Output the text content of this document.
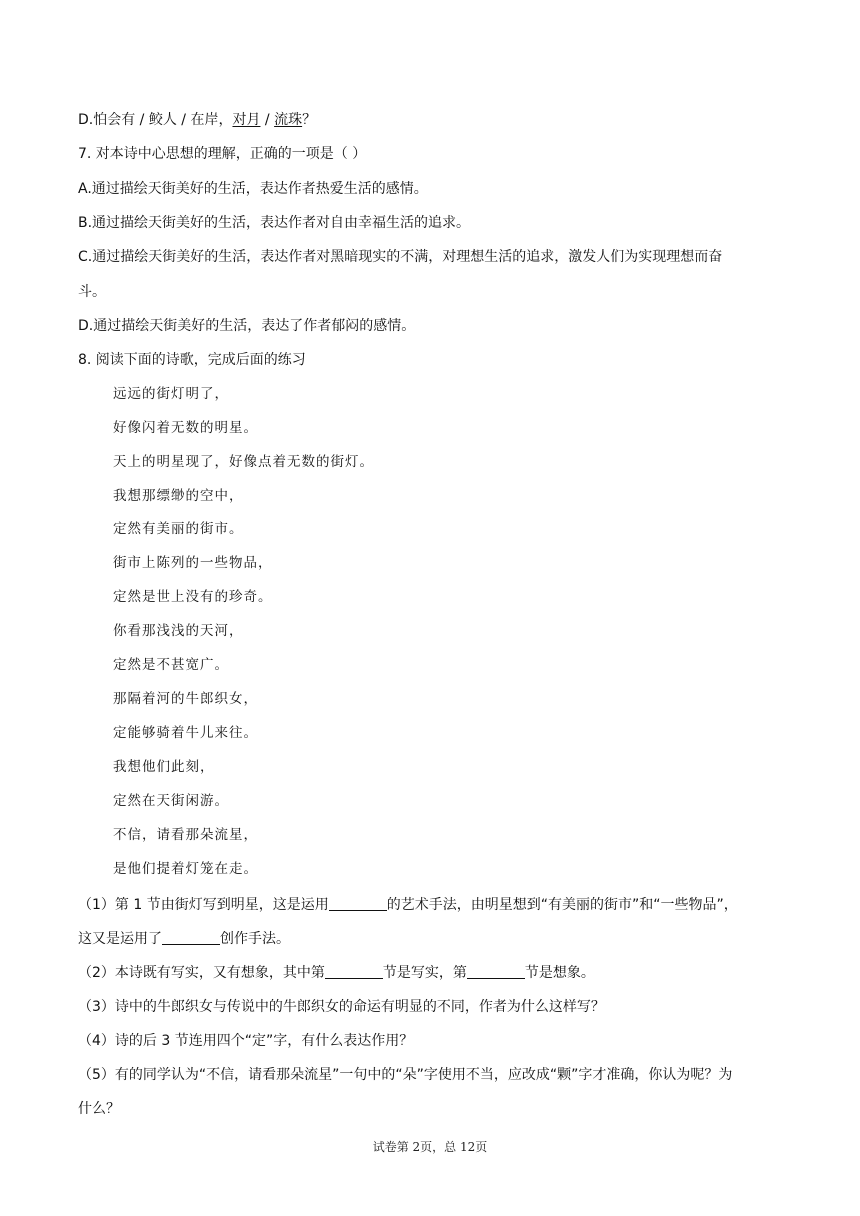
D.怕会有 / 鲛人 / 在岸，对月 / 流珠？
7. 对本诗中心思想的理解，正确的一项是（ ）
A.通过描绘天街美好的生活，表达作者热爱生活的感情。
B.通过描绘天街美好的生活，表达作者对自由幸福生活的追求。
C.通过描绘天街美好的生活，表达作者对黑暗现实的不满，对理想生活的追求，激发人们为实现理想而奋
斗。
D.通过描绘天街美好的生活，表达了作者郁闷的感情。
8. 阅读下面的诗歌，完成后面的练习
远远的街灯明了，
好像闪着无数的明星。
天上的明星现了，好像点着无数的街灯。
我想那缥缈的空中，
定然有美丽的街市。
街市上陈列的一些物品，
定然是世上没有的珍奇。
你看那浅浅的天河，
定然是不甚宽广。
那隔着河的牛郎织女，
定能够骑着牛儿来往。
我想他们此刻，
定然在天街闲游。
不信，请看那朵流星，
是他们提着灯笼在走。
（1）第 1 节由街灯写到明星，这是运用	的艺术手法，由明星想到“有美丽的街市”和“一些物品”，
这又是运用了	创作手法。
（2）本诗既有写实，又有想象，其中第	节是写实，第	节是想象。
（3）诗中的牛郎织女与传说中的牛郎织女的命运有明显的不同，作者为什么这样写？
（4）诗的后 3 节连用四个“定”字，有什么表达作用？
（5）有的同学认为“不信，请看那朵流星”一句中的“朵”字使用不当，应改成“颗”字才准确，你认为呢？为
什么？
试卷第 2页，总 12页
